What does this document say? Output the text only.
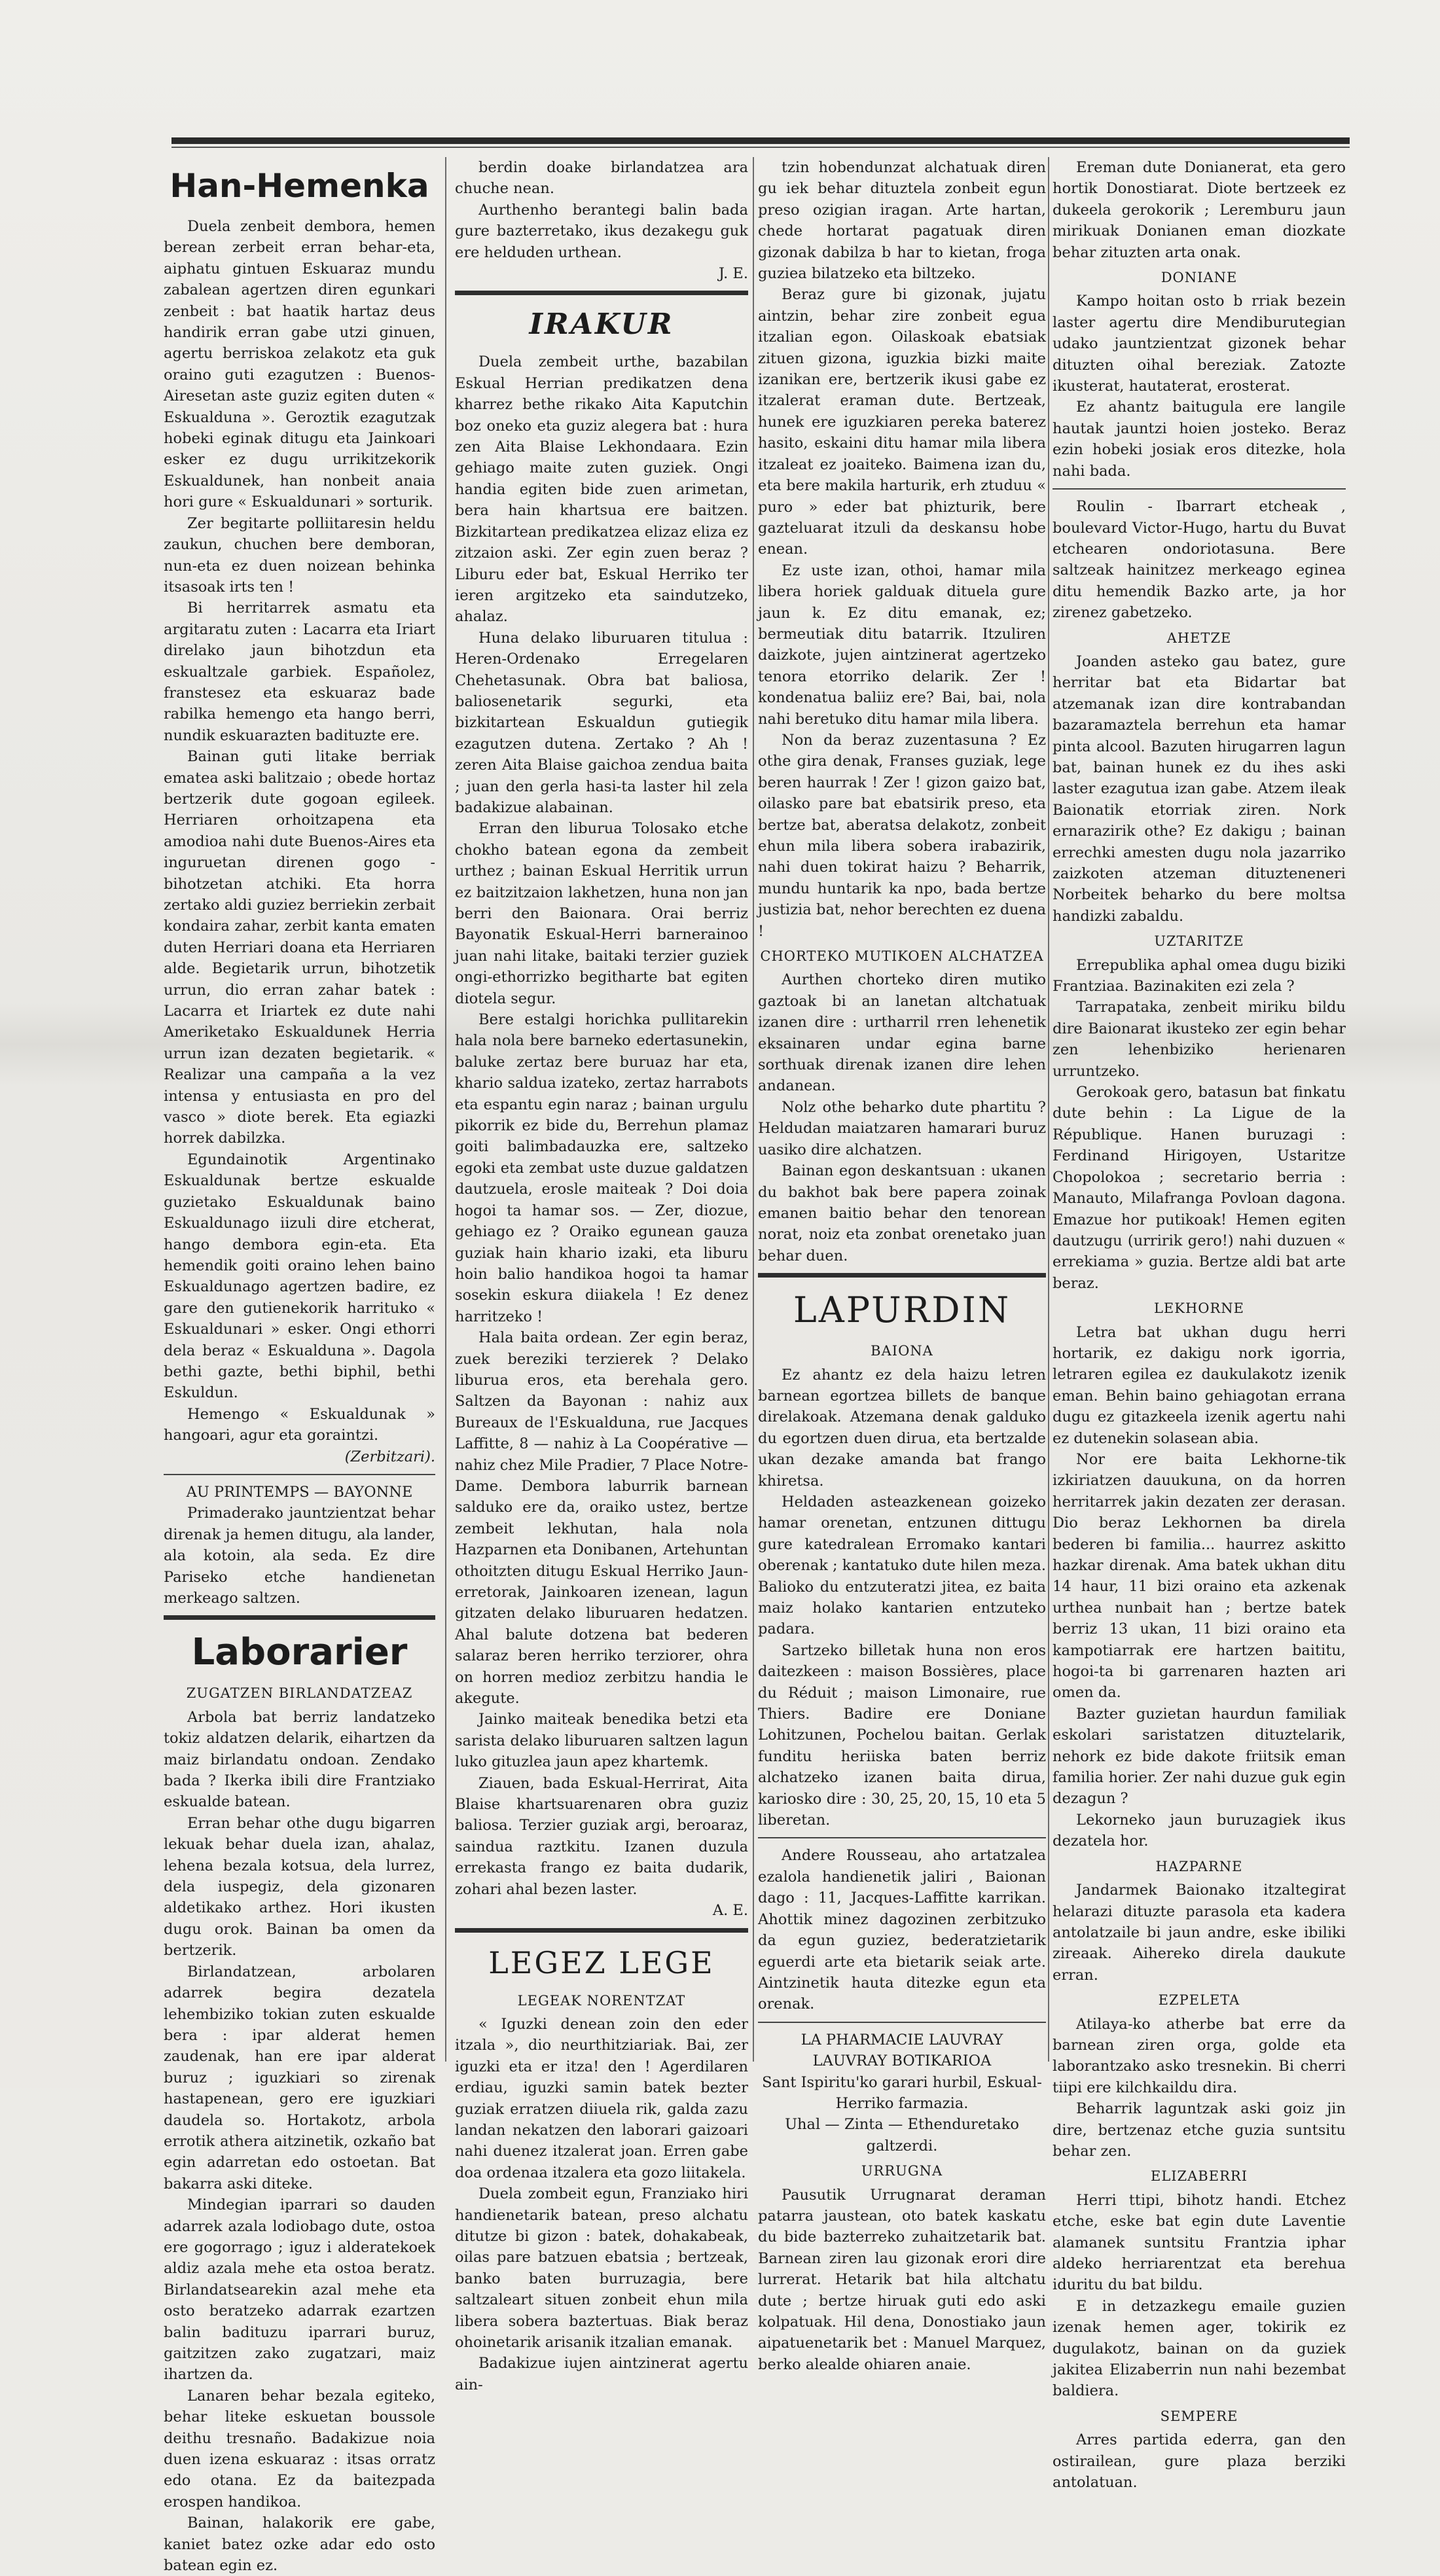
Han-Hemenka

Duela zenbeit dembora, hemen berean zerbeit erran behar-eta, aiphatu gintuen Eskuaraz mundu zabalean agertzen diren egunkari zenbeit : bat haatik hartaz deus handirik erran gabe utzi ginuen, agertu berriskoa zelakotz eta guk oraino guti ezagutzen : Buenos-Airesetan aste guziz egiten duten « Eskualduna ». Geroztik ezagutzak hobeki eginak ditugu eta Jainkoari esker ez dugu urrikitzekorik Eskualdunek, han nonbeit anaia hori gure « Eskualdunari » sorturik.

Zer begitarte polliitaresin heldu zaukun, chuchen bere demboran, nun-eta ez duen noizean behinka itsasoak irts ten !

Bi herritarrek asmatu eta argitaratu zuten : Lacarra eta Iriart direlako jaun bihotzdun eta eskualtzale garbiek. Españolez, franstesez eta eskuaraz bade rabilka hemengo eta hango berri, nundik eskuarazten badituzte ere.

Bainan guti litake berriak ematea aski balitzaio ; obede hortaz bertzerik dute gogoan egileek. Herriaren orhoitzapena eta amodioa nahi dute Buenos-Aires eta inguruetan direnen gogo - bihotzetan atchiki. Eta horra zertako aldi guziez berriekin zerbait kondaira zahar, zerbit kanta ematen duten Herriari doana eta Herriaren alde. Begietarik urrun, bihotzetik urrun, dio erran zahar batek : Lacarra et Iriartek ez dute nahi Ameriketako Eskualdunek Herria urrun izan dezaten begietarik. « Realizar una campaña a la vez intensa y entusiasta en pro del vasco » diote berek. Eta egiazki horrek dabilzka.

Egundainotik Argentinako Eskualdunak bertze eskualde guzietako Eskualdunak baino Eskualdunago iizuli dire etcherat, hango dembora egin-eta. Eta hemendik goiti oraino lehen baino Eskualdunago agertzen badire, ez gare den gutienekorik harrituko « Eskualdunari » esker. Ongi ethorri dela beraz « Eskualduna ». Dagola bethi gazte, bethi biphil, bethi Eskuldun.

Hemengo « Eskualdunak » hangoari, agur eta goraintzi.

(Zerbitzari).

AU PRINTEMPS — BAYONNE

Primaderako jauntzientzat behar direnak ja hemen ditugu, ala lander, ala kotoin, ala seda. Ez dire Pariseko etche handienetan merkeago saltzen.

Laborarier

ZUGATZEN BIRLANDATZEAZ

Arbola bat berriz landatzeko tokiz aldatzen delarik, eihartzen da maiz birlandatu ondoan. Zendako bada ? Ikerka ibili dire Frantziako eskualde batean.

Erran behar othe dugu bigarren lekuak behar duela izan, ahalaz, lehena bezala kotsua, dela lurrez, dela iuspegiz, dela gizonaren aldetikako arthez. Hori ikusten dugu orok. Bainan ba omen da bertzerik.

Birlandatzean, arbolaren adarrek begira dezatela lehembiziko tokian zuten eskualde bera : ipar alderat hemen zaudenak, han ere ipar alderat buruz ; iguzkiari so zirenak hastapenean, gero ere iguzkiari daudela so. Hortakotz, arbola errotik athera aitzinetik, ozkaño bat egin adarretan edo ostoetan. Bat bakarra aski diteke.

Mindegian iparrari so dauden adarrek azala lodiobago dute, ostoa ere gogorrago ; iguz i alderatekoek aldiz azala mehe eta ostoa beratz. Birlandatsearekin azal mehe eta osto beratzeko adarrak ezartzen balin badituzu iparrari buruz, gaitzitzen zako zugatzari, maiz ihartzen da.

Lanaren behar bezala egiteko, behar liteke eskuetan boussole deithu tresnaño. Badakizue noia duen izena eskuaraz : itsas orratz edo otana. Ez da baitezpada erospen handikoa.

Bainan, halakorik ere gabe, kaniet batez ozke adar edo osto batean egin ez.

berdin doake birlandatzea ara chuche nean.

Aurthenho berantegi balin bada gure bazterretako, ikus dezakegu guk ere helduden urthean.

J. E.

IRAKUR

Duela zembeit urthe, bazabilan Eskual Herrian predikatzen dena kharrez bethe rikako Aita Kaputchin boz oneko eta guziz alegera bat : hura zen Aita Blaise Lekhondaara. Ezin gehiago maite zuten guziek. Ongi handia egiten bide zuen arimetan, bera hain khartsua ere baitzen. Bizkitartean predikatzea elizaz eliza ez zitzaion aski. Zer egin zuen beraz ? Liburu eder bat, Eskual Herriko ter ieren argitzeko eta saindutzeko, ahalaz.

Huna delako liburuaren titulua : Heren-Ordenako Erregelaren Chehetasunak. Obra bat baliosa, baliosenetarik segurki, eta bizkitartean Eskualdun gutiegik ezagutzen dutena. Zertako ? Ah ! zeren Aita Blaise gaichoa zendua baita ; juan den gerla hasi-ta laster hil zela badakizue alabainan.

Erran den liburua Tolosako etche chokho batean egona da zembeit urthez ; bainan Eskual Herritik urrun ez baitzitzaion lakhetzen, huna non jan berri den Baionara. Orai berriz Bayonatik Eskual-Herri barnerainoo juan nahi litake, baitaki terzier guziek ongi-ethorrizko begitharte bat egiten diotela segur.

Bere estalgi horichka pullitarekin hala nola bere barneko edertasunekin, baluke zertaz bere buruaz har eta, khario saldua izateko, zertaz harrabots eta espantu egin naraz ; bainan urgulu pikorrik ez bide du, Berrehun plamaz goiti balimbadauzka ere, saltzeko egoki eta zembat uste duzue galdatzen dautzuela, erosle maiteak ? Doi doia hogoi ta hamar sos. — Zer, diozue, gehiago ez ? Oraiko egunean gauza guziak hain khario izaki, eta liburu hoin balio handikoa hogoi ta hamar sosekin eskura diiakela ! Ez denez harritzeko !

Hala baita ordean. Zer egin beraz, zuek bereziki terzierek ? Delako liburua eros, eta berehala gero. Saltzen da Bayonan : nahiz aux Bureaux de l'Eskualduna, rue Jacques Laffitte, 8 — nahiz à La Coopérative — nahiz chez Mile Pradier, 7 Place Notre-Dame. Dembora laburrik barnean salduko ere da, oraiko ustez, bertze zembeit lekhutan, hala nola Hazparnen eta Donibanen, Artehuntan othoitzten ditugu Eskual Herriko Jaun-erretorak, Jainkoaren izenean, lagun gitzaten delako liburuaren hedatzen. Ahal balute dotzena bat bederen salaraz beren herriko terziorer, ohra on horren medioz zerbitzu handia le akegute.

Jainko maiteak benedika betzi eta sarista delako liburuaren saltzen lagun luko gituzlea jaun apez khartemk.

Ziauen, bada Eskual-Herrirat, Aita Blaise khartsuarenaren obra guziz baliosa. Terzier guziak argi, beroaraz, saindua raztkitu. Izanen duzula errekasta frango ez baita dudarik, zohari ahal bezen laster.

A. E.

LEGEZ LEGE

LEGEAK NORENTZAT

« Iguzki denean zoin den eder itzala », dio neurthitziariak. Bai, zer iguzki eta er itza! den ! Agerdilaren erdiau, iguzki samin batek bezter guziak erratzen diiuela rik, galda zazu landan nekatzen den laborari gaizoari nahi duenez itzalerat joan. Erren gabe doa ordenaa itzalera eta gozo liitakela.

Duela zombeit egun, Franziako hiri handienetarik batean, preso alchatu ditutze bi gizon : batek, dohakabeak, oilas pare batzuen ebatsia ; bertzeak, banko baten burruzagia, bere saltzaleart situen zonbeit ehun mila libera sobera baztertuas. Biak beraz ohoinetarik arisanik itzalian emanak.

Badakizue iujen aintzinerat agertu ain-

tzin hobendunzat alchatuak diren gu iek behar dituztela zonbeit egun preso ozigian iragan. Arte hartan, chede hortarat pagatuak diren gizonak dabilza b har to kietan, froga guziea bilatzeko eta biltzeko.

Beraz gure bi gizonak, jujatu aintzin, behar zire zonbeit egua itzalian egon. Oilaskoak ebatsiak zituen gizona, iguzkia bizki maite izanikan ere, bertzerik ikusi gabe ez itzalerat eraman dute. Bertzeak, hunek ere iguzkiaren pereka baterez hasito, eskaini ditu hamar mila libera itzaleat ez joaiteko. Baimena izan du, eta bere makila harturik, erh ztuduu « puro » eder bat phizturik, bere gazteluarat itzuli da deskansu hobe enean.

Ez uste izan, othoi, hamar mila libera horiek galduak dituela gure jaun k. Ez ditu emanak, ez; bermeutiak ditu batarrik. Itzuliren daizkote, jujen aintzinerat agertzeko tenora etorriko delarik. Zer ! kondenatua baliiz ere? Bai, bai, nola nahi beretuko ditu hamar mila libera.

Non da beraz zuzentasuna ? Ez othe gira denak, Franses guziak, lege beren haurrak ! Zer ! gizon gaizo bat, oilasko pare bat ebatsirik preso, eta bertze bat, aberatsa delakotz, zonbeit ehun mila libera sobera irabazirik, nahi duen tokirat haizu ? Beharrik, mundu huntarik ka npo, bada bertze justizia bat, nehor berechten ez duena !

CHORTEKO MUTIKOEN ALCHATZEA

Aurthen chorteko diren mutiko gaztoak bi an lanetan altchatuak izanen dire : urtharril rren lehenetik eksainaren undar egina barne sorthuak direnak izanen dire lehen andanean.

Nolz othe beharko dute phartitu ? Heldudan maiatzaren hamarari buruz uasiko dire alchatzen.

Bainan egon deskantsuan : ukanen du bakhot bak bere papera zoinak emanen baitio behar den tenorean norat, noiz eta zonbat orenetako juan behar duen.

LAPURDIN

BAIONA

Ez ahantz ez dela haizu letren barnean egortzea billets de banque direlakoak. Atzemana denak galduko du egortzen duen dirua, eta bertzalde ukan dezake amanda bat frango khiretsa.

Heldaden asteazkenean goizeko hamar orenetan, entzunen dittugu gure katedralean Erromako kantari oberenak ; kantatuko dute hilen meza. Balioko du entzuteratzi jitea, ez baita maiz holako kantarien entzuteko padara.

Sartzeko billetak huna non eros daitezkeen : maison Bossières, place du Réduit ; maison Limonaire, rue Thiers. Badire ere Doniane Lohitzunen, Pochelou baitan. Gerlak funditu heriiska baten berriz alchatzeko izanen baita dirua, kariosko dire : 30, 25, 20, 15, 10 eta 5 liberetan.

Andere Rousseau, aho artatzalea ezalola handienetik jaliri , Baionan dago : 11, Jacques-Laffitte karrikan. Ahottik minez dagozinen zerbitzuko da egun guziez, bederatzietarik eguerdi arte eta bietarik seiak arte. Aintzinetik hauta ditezke egun eta orenak.

LA PHARMACIE LAUVRAY

LAUVRAY BOTIKARIOA

Sant Ispiritu'ko garari hurbil, Eskual-Herriko farmazia.

Uhal — Zinta — Ethenduretako galtzerdi.

URRUGNA

Pausutik Urrugnarat deraman patarra jaustean, oto batek kaskatu du bide bazterreko zuhaitzetarik bat. Barnean ziren lau gizonak erori dire lurrerat. Hetarik bat hila altchatu dute ; bertze hiruak guti edo aski kolpatuak. Hil dena, Donostiako jaun aipatuenetarik bet : Manuel Marquez, berko alealde ohiaren anaie.

Ereman dute Donianerat, eta gero hortik Donostiarat. Diote bertzeek ez dukeela gerokorik ; Leremburu jaun mirikuak Donianen eman diozkate behar zituzten arta onak.

DONIANE

Kampo hoitan osto b rriak bezein laster agertu dire Mendiburutegian udako jauntzientzat gizonek behar dituzten oihal bereziak. Zatozte ikusterat, hautaterat, erosterat.

Ez ahantz baitugula ere langile hautak jauntzi hoien josteko. Beraz ezin hobeki josiak eros ditezke, hola nahi bada.

Roulin - Ibarrart etcheak , boulevard Victor-Hugo, hartu du Buvat etchearen ondoriotasuna. Bere saltzeak hainitzez merkeago eginea ditu hemendik Bazko arte, ja hor zirenez gabetzeko.

AHETZE

Joanden asteko gau batez, gure herritar bat eta Bidartar bat atzemanak izan dire kontrabandan bazaramaztela berrehun eta hamar pinta alcool. Bazuten hirugarren lagun bat, bainan hunek ez du ihes aski laster ezagutua izan gabe. Atzem ileak Baionatik etorriak ziren. Nork ernarazirik othe? Ez dakigu ; bainan errechki amesten dugu nola jazarriko zaizkoten atzeman dituzteneneri Norbeitek beharko du bere moltsa handizki zabaldu.

UZTARITZE

Errepublika aphal omea dugu biziki Frantziaa. Bazinakiten ezi zela ?

Tarrapataka, zenbeit miriku bildu dire Baionarat ikusteko zer egin behar zen lehenbiziko herienaren urruntzeko.

Gerokoak gero, batasun bat finkatu dute behin : La Ligue de la République. Hanen buruzagi : Ferdinand Hirigoyen, Ustaritze Chopolokoa ; secretario berria : Manauto, Milafranga Povloan dagona. Emazue hor putikoak! Hemen egiten dautzugu (urririk gero!) nahi duzuen « errekiama » guzia. Bertze aldi bat arte beraz.

LEKHORNE

Letra bat ukhan dugu herri hortarik, ez dakigu nork igorria, letraren egilea ez daukulakotz izenik eman. Behin baino gehiagotan errana dugu ez gitazkeela izenik agertu nahi ez dutenekin solasean abia.

Nor ere baita Lekhorne-tik izkiriatzen dauukuna, on da horren herritarrek jakin dezaten zer derasan. Dio beraz Lekhornen ba direla bederen bi familia... haurrez askitto hazkar direnak. Ama batek ukhan ditu 14 haur, 11 bizi oraino eta azkenak urthea nunbait han ; bertze batek berriz 13 ukan, 11 bizi oraino eta kampotiarrak ere hartzen baititu, hogoi-ta bi garrenaren hazten ari omen da.

Bazter guzietan haurdun familiak eskolari saristatzen dituztelarik, nehork ez bide dakote friitsik eman familia horier. Zer nahi duzue guk egin dezagun ?

Lekorneko jaun buruzagiek ikus dezatela hor.

HAZPARNE

Jandarmek Baionako itzaltegirat helarazi dituzte parasola eta kadera antolatzaile bi jaun andre, eske ibiliki zireaak. Aihereko direla daukute erran.

EZPELETA

Atilaya-ko atherbe bat erre da barnean ziren orga, golde eta laborantzako asko tresnekin. Bi cherri tiipi ere kilchkaildu dira.

Beharrik laguntzak aski goiz jin dire, bertzenaz etche guzia suntsitu behar zen.

ELIZABERRI

Herri ttipi, bihotz handi. Etchez etche, eske bat egin dute Laventie alamanek suntsitu Frantzia iphar aldeko herriarentzat eta berehua iduritu du bat bildu.

E in detzazkegu emaile guzien izenak hemen ager, tokirik ez dugulakotz, bainan on da guziek jakitea Elizaberrin nun nahi bezembat baldiera.

SEMPERE

Arres partida ederra, gan den ostirailean, gure plaza berziki antolatuan.
